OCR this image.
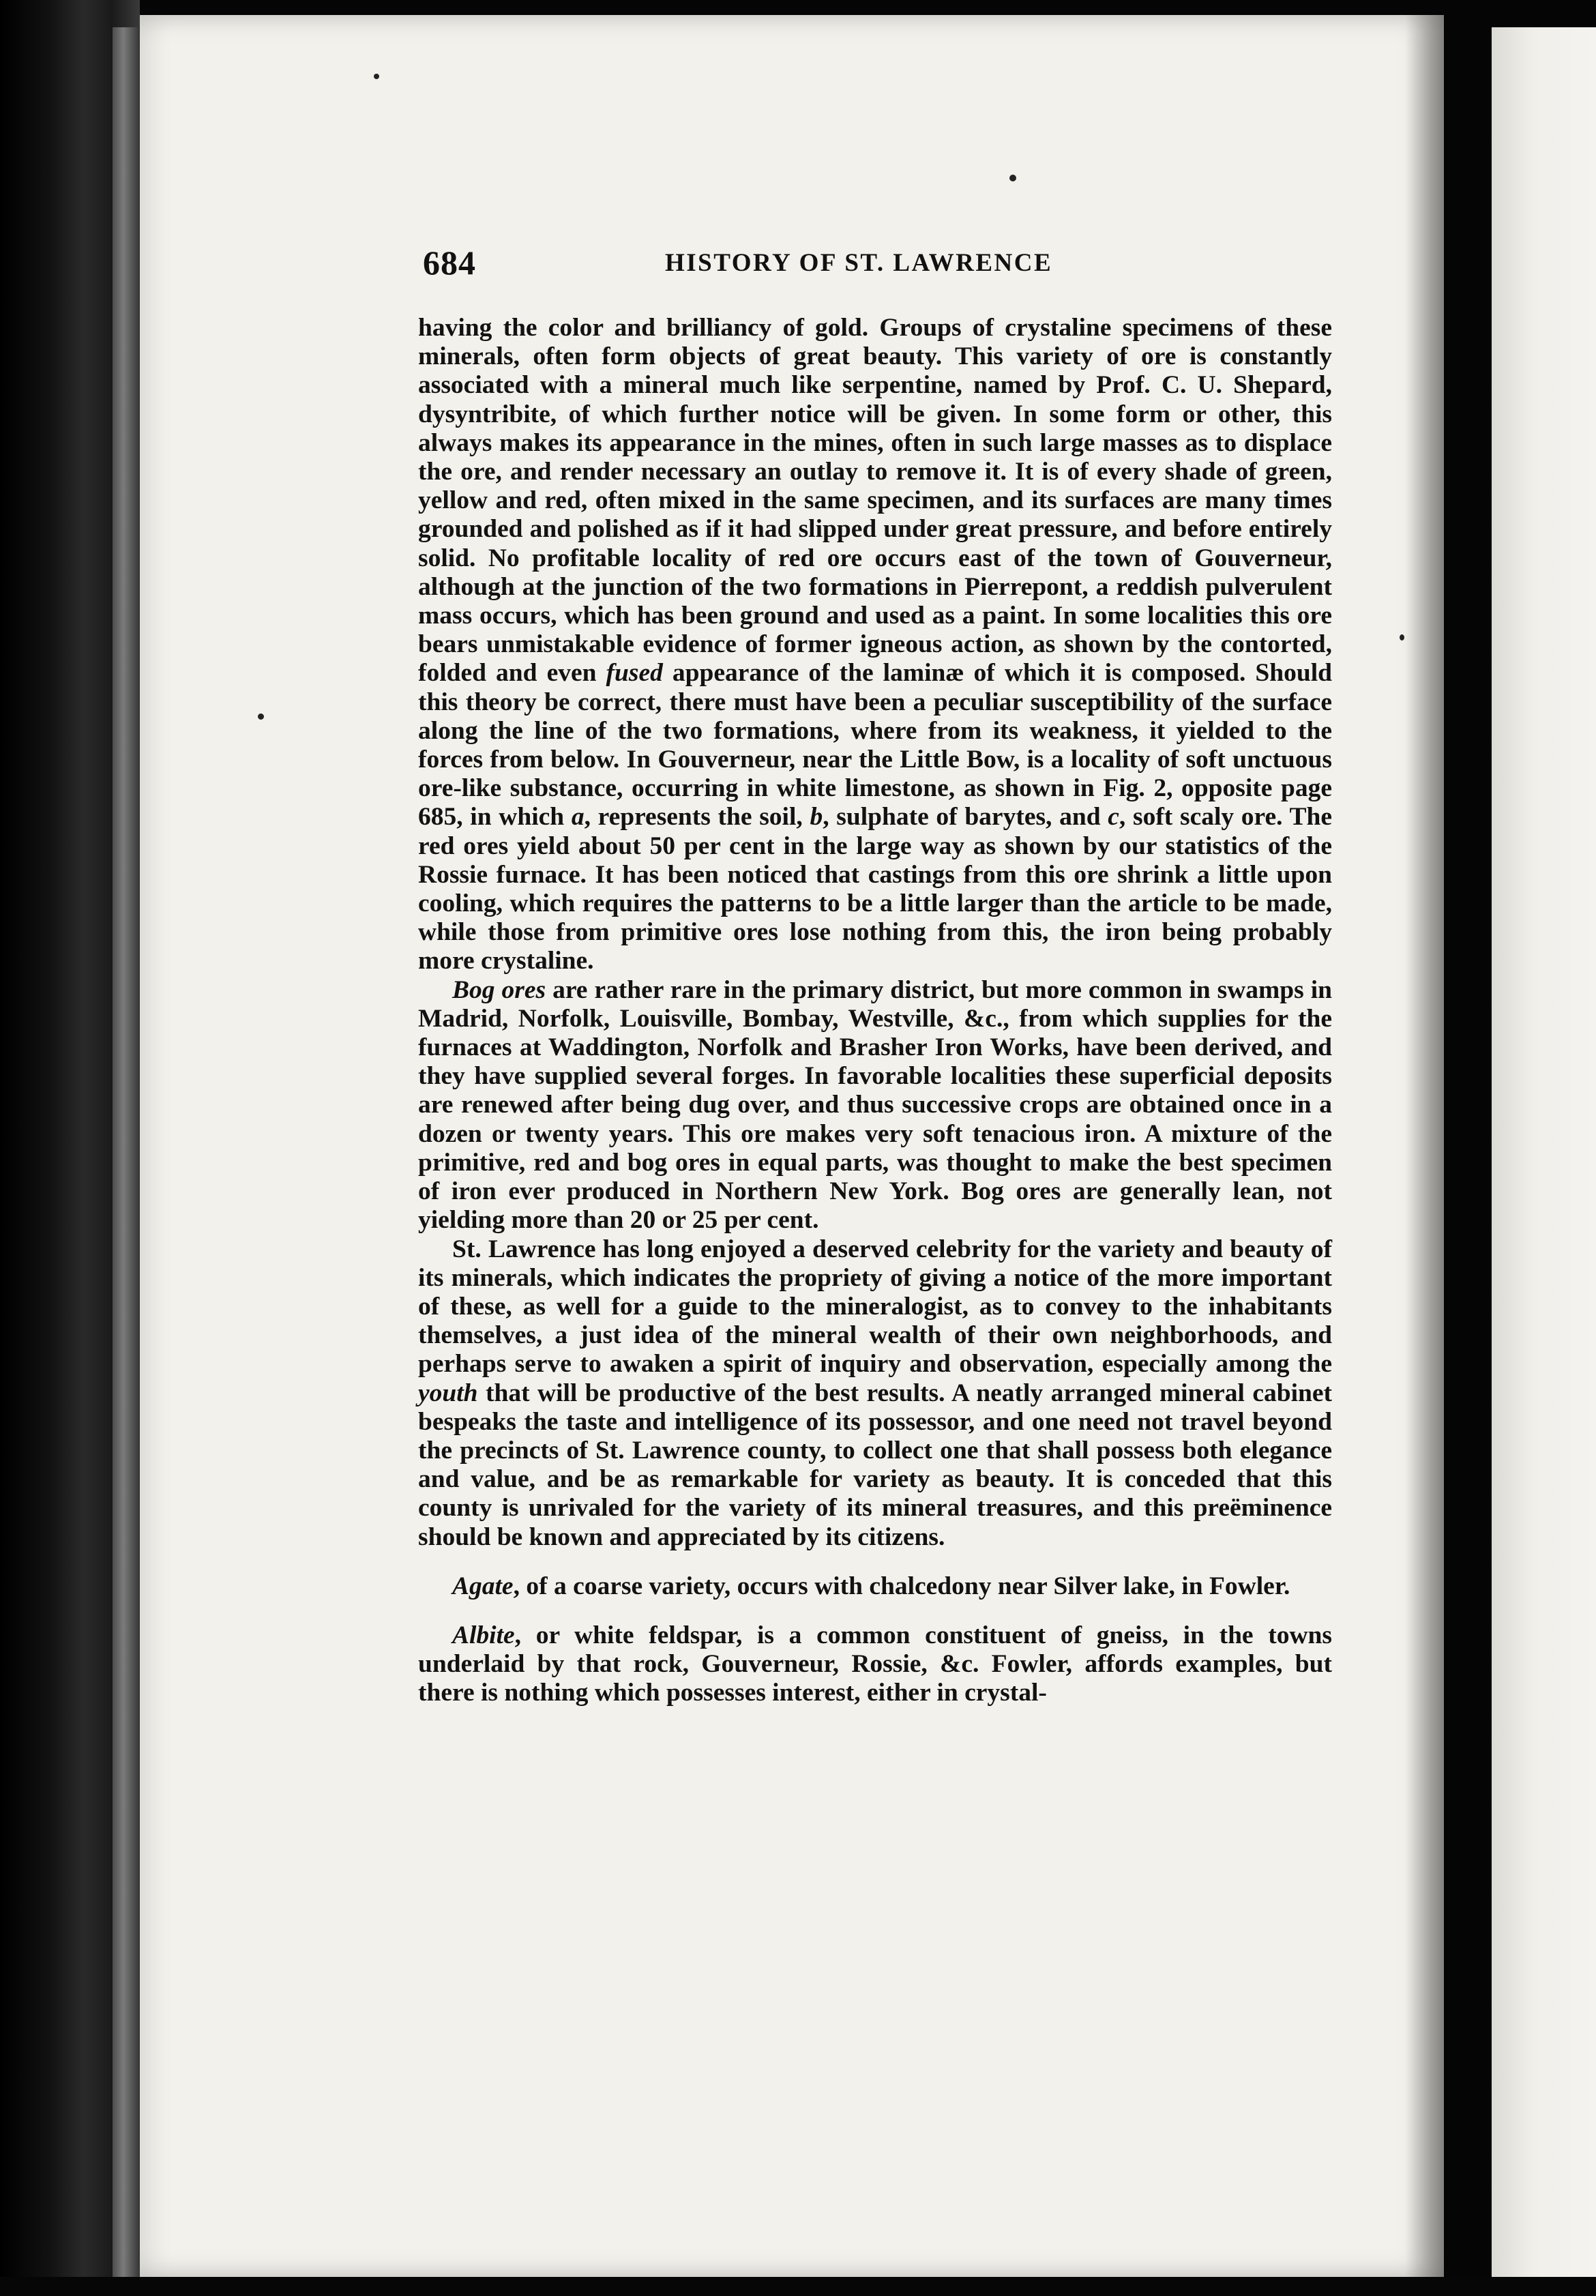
684	HISTORY OF ST. LAWRENCE

having the color and brilliancy of gold. Groups of crystaline specimens of these minerals, often form objects of great beauty. This variety of ore is constantly associated with a mineral much like serpentine, named by Prof. C. U. Shepard, dysyntribite, of which further notice will be given. In some form or other, this always makes its appearance in the mines, often in such large masses as to displace the ore, and render necessary an outlay to remove it. It is of every shade of green, yellow and red, often mixed in the same specimen, and its surfaces are many times grounded and polished as if it had slipped under great pressure, and before entirely solid. No profitable locality of red ore occurs east of the town of Gouverneur, although at the junction of the two formations in Pierrepont, a reddish pulverulent mass occurs, which has been ground and used as a paint. In some localities this ore bears unmistakable evidence of former igneous action, as shown by the contorted, folded and even fused appearance of the laminæ of which it is composed. Should this theory be correct, there must have been a peculiar susceptibility of the surface along the line of the two formations, where from its weakness, it yielded to the forces from below. In Gouverneur, near the Little Bow, is a locality of soft unctuous ore-like substance, occurring in white limestone, as shown in Fig. 2, opposite page 685, in which a, represents the soil, b, sulphate of barytes, and c, soft scaly ore. The red ores yield about 50 per cent in the large way as shown by our statistics of the Rossie furnace. It has been noticed that castings from this ore shrink a little upon cooling, which requires the patterns to be a little larger than the article to be made, while those from primitive ores lose nothing from this, the iron being probably more crystaline.

Bog ores are rather rare in the primary district, but more common in swamps in Madrid, Norfolk, Louisville, Bombay, Westville, &c., from which supplies for the furnaces at Waddington, Norfolk and Brasher Iron Works, have been derived, and they have supplied several forges. In favorable localities these superficial deposits are renewed after being dug over, and thus successive crops are obtained once in a dozen or twenty years. This ore makes very soft tenacious iron. A mixture of the primitive, red and bog ores in equal parts, was thought to make the best specimen of iron ever produced in Northern New York. Bog ores are generally lean, not yielding more than 20 or 25 per cent.

St. Lawrence has long enjoyed a deserved celebrity for the variety and beauty of its minerals, which indicates the propriety of giving a notice of the more important of these, as well for a guide to the mineralogist, as to convey to the inhabitants themselves, a just idea of the mineral wealth of their own neighborhoods, and perhaps serve to awaken a spirit of inquiry and observation, especially among the youth that will be productive of the best results. A neatly arranged mineral cabinet bespeaks the taste and intelligence of its possessor, and one need not travel beyond the precincts of St. Lawrence county, to collect one that shall possess both elegance and value, and be as remarkable for variety as beauty. It is conceded that this county is unrivaled for the variety of its mineral treasures, and this preëminence should be known and appreciated by its citizens.

Agate, of a coarse variety, occurs with chalcedony near Silver lake, in Fowler.

Albite, or white feldspar, is a common constituent of gneiss, in the towns underlaid by that rock, Gouverneur, Rossie, &c. Fowler, affords examples, but there is nothing which possesses interest, either in crystal-
